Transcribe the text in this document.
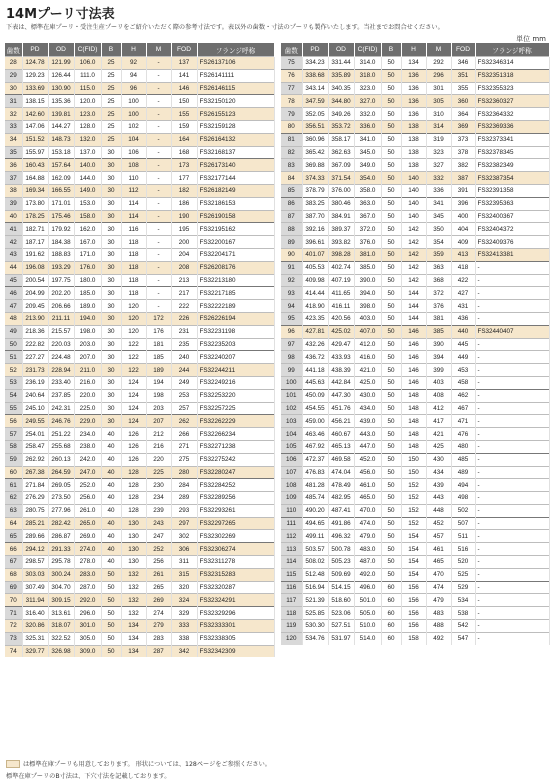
14Mプーリ寸法表
下表は、標準在庫プーリ・受注生産プーリをご紹介いただく際の参考寸法です。表以外の歯数・寸法のプーリも製作いたします。当社までお問合せください。
単位 mm
歯数	PD	OD	C(FID)	B	H	M	FOD	フランジ呼称
28	124.78	121.99	106.0	25	92	-	137	FS26137106
29	129.23	126.44	111.0	25	94	-	141	FS26141111
30	133.69	130.90	115.0	25	96	-	146	FS26146115
31	138.15	135.36	120.0	25	100	-	150	FS32150120
32	142.60	139.81	123.0	25	100	-	155	FS26155123
33	147.06	144.27	128.0	25	102	-	159	FS32159128
34	151.52	148.73	132.0	25	104	-	164	FS26164132
35	155.97	153.18	137.0	30	106	-	168	FS32168137
36	160.43	157.64	140.0	30	108	-	173	FS26173140
37	164.88	162.09	144.0	30	110	-	177	FS32177144
38	169.34	166.55	149.0	30	112	-	182	FS26182149
39	173.80	171.01	153.0	30	114	-	186	FS32186153
40	178.25	175.46	158.0	30	114	-	190	FS26190158
41	182.71	179.92	162.0	30	116	-	195	FS32195162
42	187.17	184.38	167.0	30	118	-	200	FS32200167
43	191.62	188.83	171.0	30	118	-	204	FS32204171
44	196.08	193.29	176.0	30	118	-	208	FS26208176
45	200.54	197.75	180.0	30	118	-	213	FS32213180
46	204.99	202.20	185.0	30	118	-	217	FS32217185
47	209.45	206.66	189.0	30	120	-	222	FS32222189
48	213.90	211.11	194.0	30	120	172	226	FS26226194
49	218.36	215.57	198.0	30	120	176	231	FS32231198
50	222.82	220.03	203.0	30	122	181	235	FS32235203
51	227.27	224.48	207.0	30	122	185	240	FS32240207
52	231.73	228.94	211.0	30	122	189	244	FS32244211
53	236.19	233.40	216.0	30	124	194	249	FS32249216
54	240.64	237.85	220.0	30	124	198	253	FS32253220
55	245.10	242.31	225.0	30	124	203	257	FS32257225
56	249.55	246.76	229.0	30	124	207	262	FS32262229
57	254.01	251.22	234.0	40	126	212	266	FS32266234
58	258.47	255.68	238.0	40	126	216	271	FS32271238
59	262.92	260.13	242.0	40	126	220	275	FS32275242
60	267.38	264.59	247.0	40	128	225	280	FS32280247
61	271.84	269.05	252.0	40	128	230	284	FS32284252
62	276.29	273.50	256.0	40	128	234	289	FS32289256
63	280.75	277.96	261.0	40	128	239	293	FS32293261
64	285.21	282.42	265.0	40	130	243	297	FS32297265
65	289.66	286.87	269.0	40	130	247	302	FS32302269
66	294.12	291.33	274.0	40	130	252	306	FS32306274
67	298.57	295.78	278.0	40	130	256	311	FS32311278
68	303.03	300.24	283.0	50	132	261	315	FS32315283
69	307.49	304.70	287.0	50	132	265	320	FS32320287
70	311.94	309.15	292.0	50	132	269	324	FS32324291
71	316.40	313.61	296.0	50	132	274	329	FS32329296
72	320.86	318.07	301.0	50	134	279	333	FS32333301
73	325.31	322.52	305.0	50	134	283	338	FS32338305
74	329.77	326.98	309.0	50	134	287	342	FS32342309
歯数	PD	OD	C(FID)	B	H	M	FOD	フランジ呼称
75	334.23	331.44	314.0	50	134	292	346	FS32346314
76	338.68	335.89	318.0	50	136	296	351	FS32351318
77	343.14	340.35	323.0	50	136	301	355	FS32355323
78	347.59	344.80	327.0	50	136	305	360	FS32360327
79	352.05	349.26	332.0	50	136	310	364	FS32364332
80	356.51	353.72	336.0	50	138	314	369	FS32369336
81	360.96	358.17	341.0	50	138	319	373	FS32373341
82	365.42	362.63	345.0	50	138	323	378	FS32378345
83	369.88	367.09	349.0	50	138	327	382	FS32382349
84	374.33	371.54	354.0	50	140	332	387	FS32387354
85	378.79	376.00	358.0	50	140	336	391	FS32391358
86	383.25	380.46	363.0	50	140	341	396	FS32395363
87	387.70	384.91	367.0	50	140	345	400	FS32400367
88	392.16	389.37	372.0	50	142	350	404	FS32404372
89	396.61	393.82	376.0	50	142	354	409	FS32409376
90	401.07	398.28	381.0	50	142	359	413	FS32413381
91	405.53	402.74	385.0	50	142	363	418	-
92	409.98	407.19	390.0	50	142	368	422	-
93	414.44	411.65	394.0	50	144	372	427	-
94	418.90	416.11	398.0	50	144	376	431	-
95	423.35	420.56	403.0	50	144	381	436	-
96	427.81	425.02	407.0	50	146	385	440	FS32440407
97	432.26	429.47	412.0	50	146	390	445	-
98	436.72	433.93	416.0	50	146	394	449	-
99	441.18	438.39	421.0	50	146	399	453	-
100	445.63	442.84	425.0	50	146	403	458	-
101	450.09	447.30	430.0	50	148	408	462	-
102	454.55	451.76	434.0	50	148	412	467	-
103	459.00	456.21	439.0	50	148	417	471	-
104	463.46	460.67	443.0	50	148	421	476	-
105	467.92	465.13	447.0	50	148	425	480	-
106	472.37	469.58	452.0	50	150	430	485	-
107	476.83	474.04	456.0	50	150	434	489	-
108	481.28	478.49	461.0	50	152	439	494	-
109	485.74	482.95	465.0	50	152	443	498	-
110	490.20	487.41	470.0	50	152	448	502	-
111	494.65	491.86	474.0	50	152	452	507	-
112	499.11	496.32	479.0	50	154	457	511	-
113	503.57	500.78	483.0	50	154	461	516	-
114	508.02	505.23	487.0	50	154	465	520	-
115	512.48	509.69	492.0	50	154	470	525	-
116	516.94	514.15	496.0	60	156	474	529	-
117	521.39	518.60	501.0	60	156	479	534	-
118	525.85	523.06	505.0	60	156	483	538	-
119	530.30	527.51	510.0	60	156	488	542	-
120	534.76	531.97	514.0	60	158	492	547	-
は標準在庫プーリも用意しております。 形状については、128ページをご参照ください。
標準在庫プーリのB寸法は、下穴寸法を記載しております。
